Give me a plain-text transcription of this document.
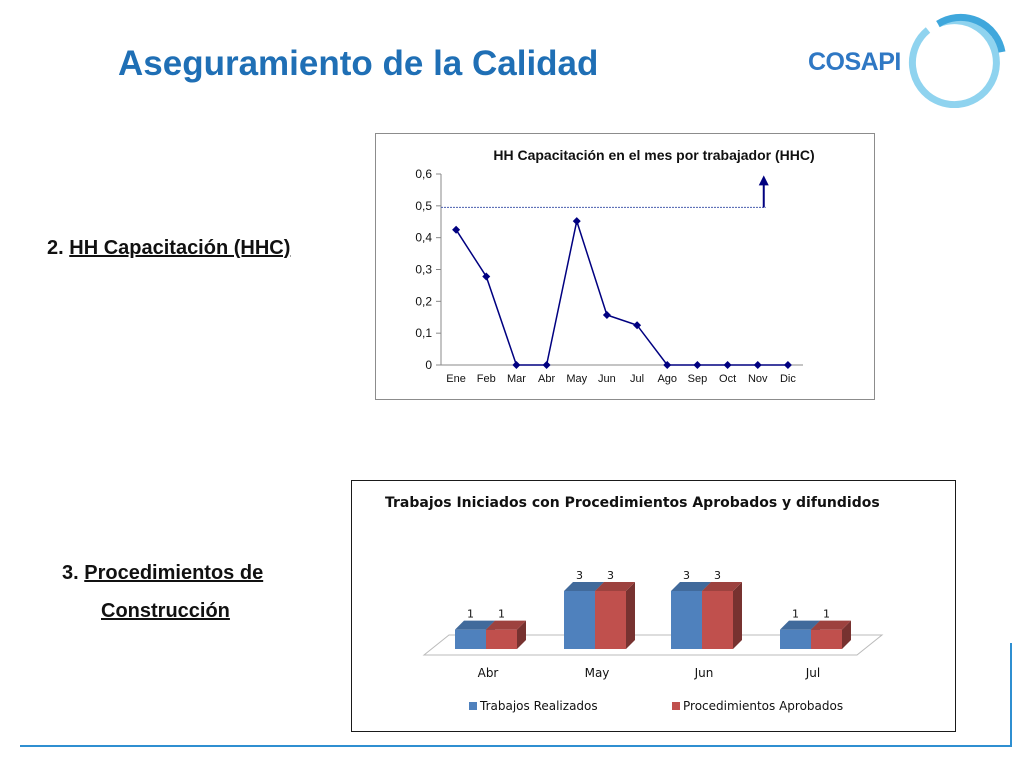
Aseguramiento de la Calidad	COSAPI
2. HH Capacitación (HHC)
3. Procedimientos de
Construcción
HH Capacitación en el mes por trabajador (HHC)
0
0,1
0,2
0,3
0,4
0,5
0,6
Ene Feb Mar Abr May Jun Jul Ago Sep Oct Nov Dic
Trabajos Iniciados con Procedimientos Aprobados y difundidos
Abr
1 1
May
3 3
Jun
3 3
Jul
1 1
Trabajos Realizados	Procedimientos Aprobados
